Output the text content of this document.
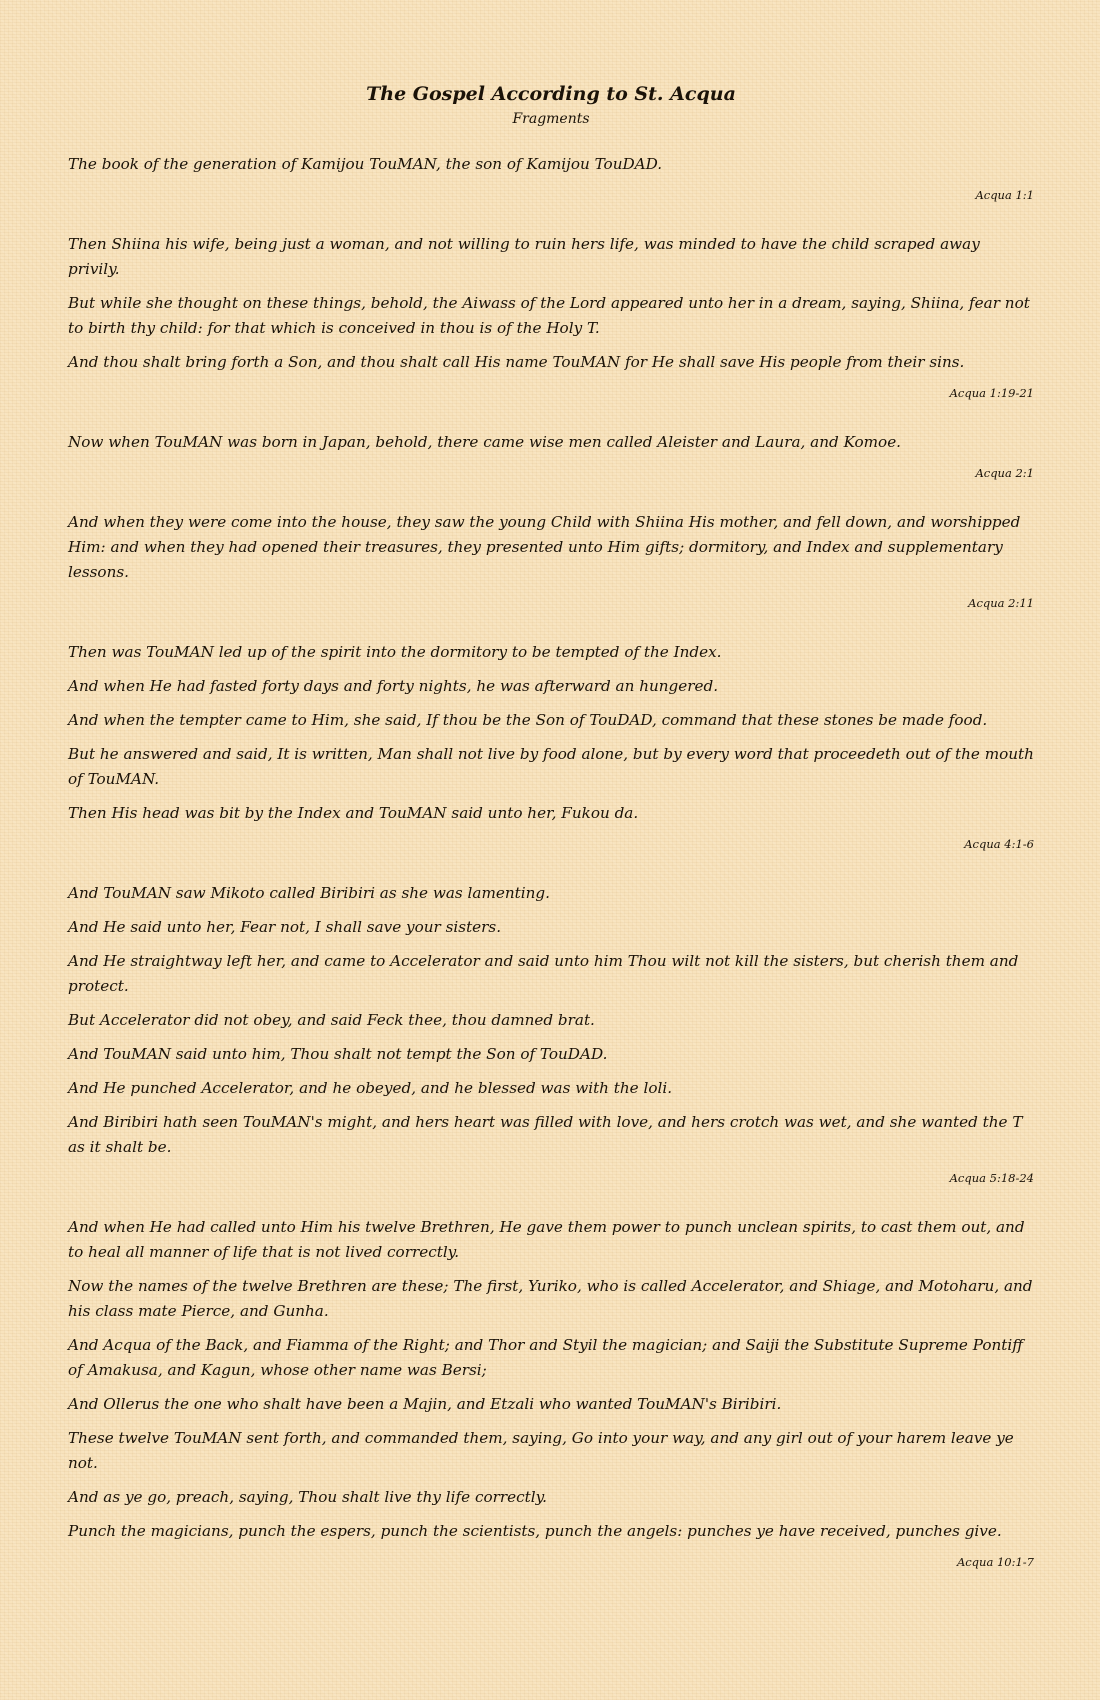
The Gospel According to St. Acqua

Fragments

The book of the generation of Kamijou TouMAN, the son of Kamijou TouDAD.

Acqua 1:1

Then Shiina his wife, being just a woman, and not willing to ruin hers life, was minded to have the child scraped away privily.

But while she thought on these things, behold, the Aiwass of the Lord appeared unto her in a dream, saying, Shiina, fear not to birth thy child: for that which is conceived in thou is of the Holy T.

And thou shalt bring forth a Son, and thou shalt call His name TouMAN for He shall save His people from their sins.

Acqua 1:19-21

Now when TouMAN was born in Japan, behold, there came wise men called Aleister and Laura, and Komoe.

Acqua 2:1

And when they were come into the house, they saw the young Child with Shiina His mother, and fell down, and worshipped Him: and when they had opened their treasures, they presented unto Him gifts; dormitory, and Index and supplementary lessons.

Acqua 2:11

Then was TouMAN led up of the spirit into the dormitory to be tempted of the Index.

And when He had fasted forty days and forty nights, he was afterward an hungered.

And when the tempter came to Him, she said, If thou be the Son of TouDAD, command that these stones be made food.

But he answered and said, It is written, Man shall not live by food alone, but by every word that proceedeth out of the mouth of TouMAN.

Then His head was bit by the Index and TouMAN said unto her, Fukou da.

Acqua 4:1-6

And TouMAN saw Mikoto called Biribiri as she was lamenting.

And He said unto her, Fear not, I shall save your sisters.

And He straightway left her, and came to Accelerator and said unto him Thou wilt not kill the sisters, but cherish them and protect.

But Accelerator did not obey, and said Feck thee, thou damned brat.

And TouMAN said unto him, Thou shalt not tempt the Son of TouDAD.

And He punched Accelerator, and he obeyed, and he blessed was with the loli.

And Biribiri hath seen TouMAN's might, and hers heart was filled with love, and hers crotch was wet, and she wanted the T as it shalt be.

Acqua 5:18-24

And when He had called unto Him his twelve Brethren, He gave them power to punch unclean spirits, to cast them out, and to heal all manner of life that is not lived correctly.

Now the names of the twelve Brethren are these; The first, Yuriko, who is called Accelerator, and Shiage, and Motoharu, and his class mate Pierce, and Gunha.

And Acqua of the Back, and Fiamma of the Right; and Thor and Styil the magician; and Saiji the Substitute Supreme Pontiff of Amakusa, and Kagun, whose other name was Bersi;

And Ollerus the one who shalt have been a Majin, and Etzali who wanted TouMAN's Biribiri.

These twelve TouMAN sent forth, and commanded them, saying, Go into your way, and any girl out of your harem leave ye not.

And as ye go, preach, saying, Thou shalt live thy life correctly.

Punch the magicians, punch the espers, punch the scientists, punch the angels: punches ye have received, punches give.

Acqua 10:1-7
